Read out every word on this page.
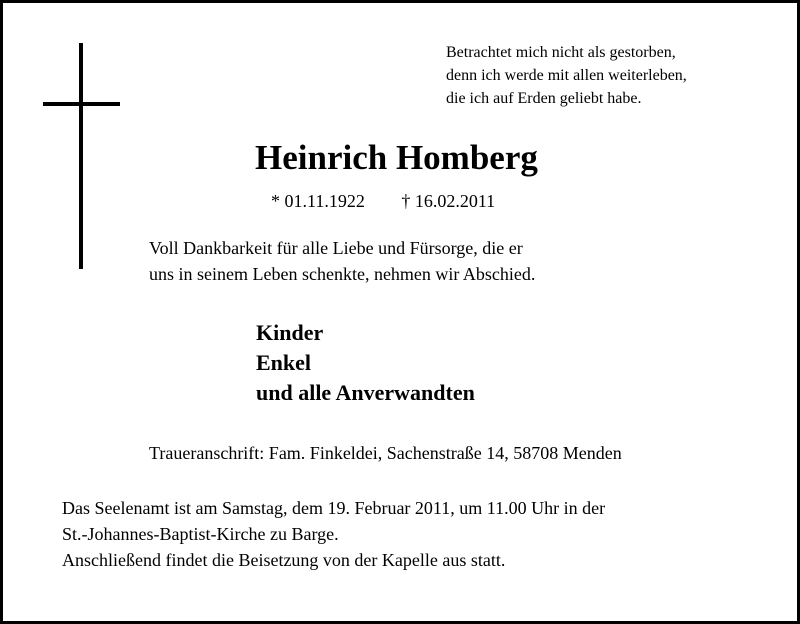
Betrachtet mich nicht als gestorben,
denn ich werde mit allen weiterleben,
die ich auf Erden geliebt habe.
Heinrich Homberg
* 01.11.1922 † 16.02.2011
Voll Dankbarkeit für alle Liebe und Fürsorge, die er
uns in seinem Leben schenkte, nehmen wir Abschied.
Kinder
Enkel
und alle Anverwandten
Traueranschrift: Fam. Finkeldei, Sachenstraße 14, 58708 Menden
Das Seelenamt ist am Samstag, dem 19. Februar 2011, um 11.00 Uhr in der
St.-Johannes-Baptist-Kirche zu Barge.
Anschließend findet die Beisetzung von der Kapelle aus statt.
